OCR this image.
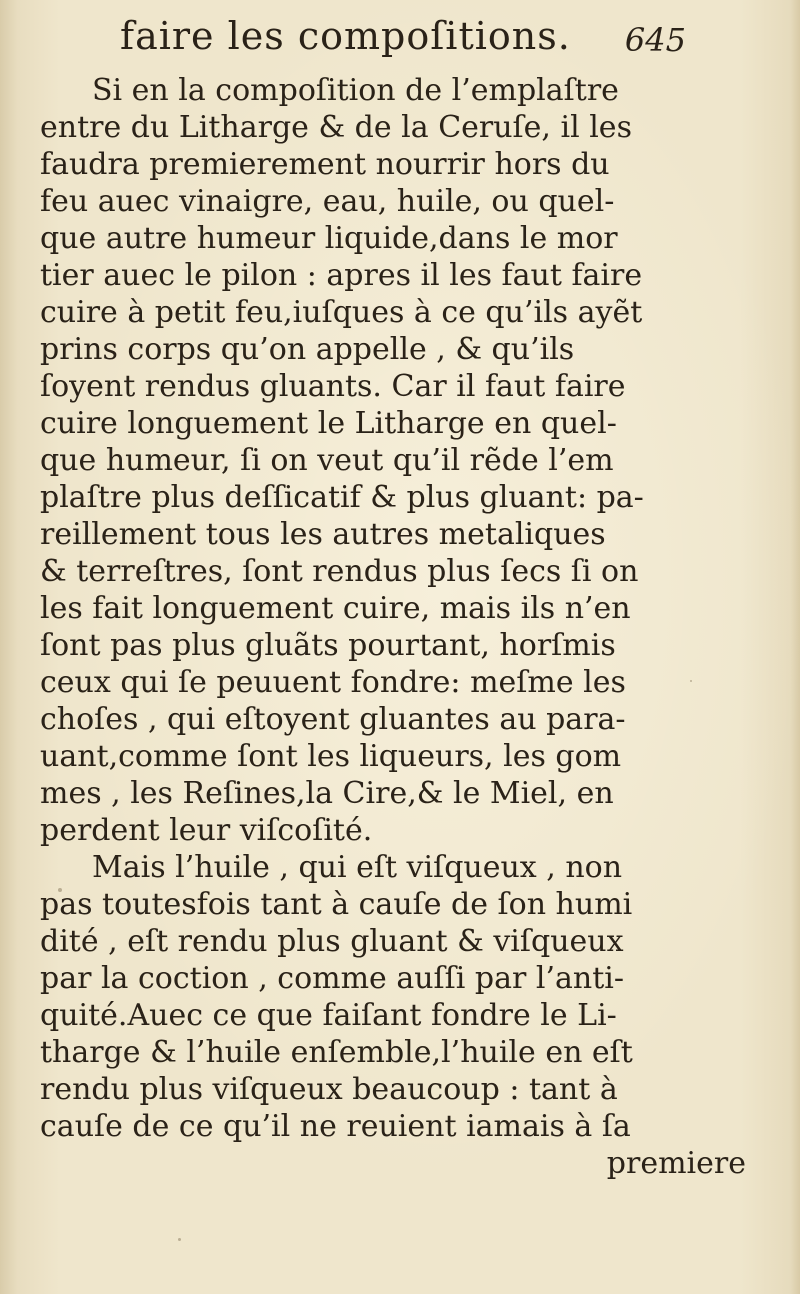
faire les compoſitions. 645
Si en la compoſition de l’emplaſtre
entre du Litharge & de la Ceruſe, il les
faudra premierement nourrir hors du
feu auec vinaigre, eau, huile, ou quel-
que autre humeur liquide,dans le mor
tier auec le pilon : apres il les faut faire
cuire à petit feu,iuſques à ce qu’ils ayẽt
prins corps qu’on appelle , & qu’ils
ſoyent rendus gluants. Car il faut faire
cuire longuement le Litharge en quel-
que humeur, ſi on veut qu’il rẽde l’em
plaſtre plus deſſicatif & plus gluant: pa-
reillement tous les autres metaliques
& terreſtres, ſont rendus plus ſecs ſi on
les fait longuement cuire, mais ils n’en
ſont pas plus gluãts pourtant, horſmis
ceux qui ſe peuuent fondre: meſme les
choſes , qui eſtoyent gluantes au para-
uant,comme ſont les liqueurs, les gom
mes , les Reſines,la Cire,& le Miel, en
perdent leur viſcoſité.
Mais l’huile , qui eſt viſqueux , non
pas toutesfois tant à cauſe de ſon humi
dité , eſt rendu plus gluant & viſqueux
par la coction , comme auſſi par l’anti-
quité.Auec ce que faiſant fondre le Li-
tharge & l’huile enſemble,l’huile en eſt
rendu plus viſqueux beaucoup : tant à
cauſe de ce qu’il ne reuient iamais à ſa
premiere
